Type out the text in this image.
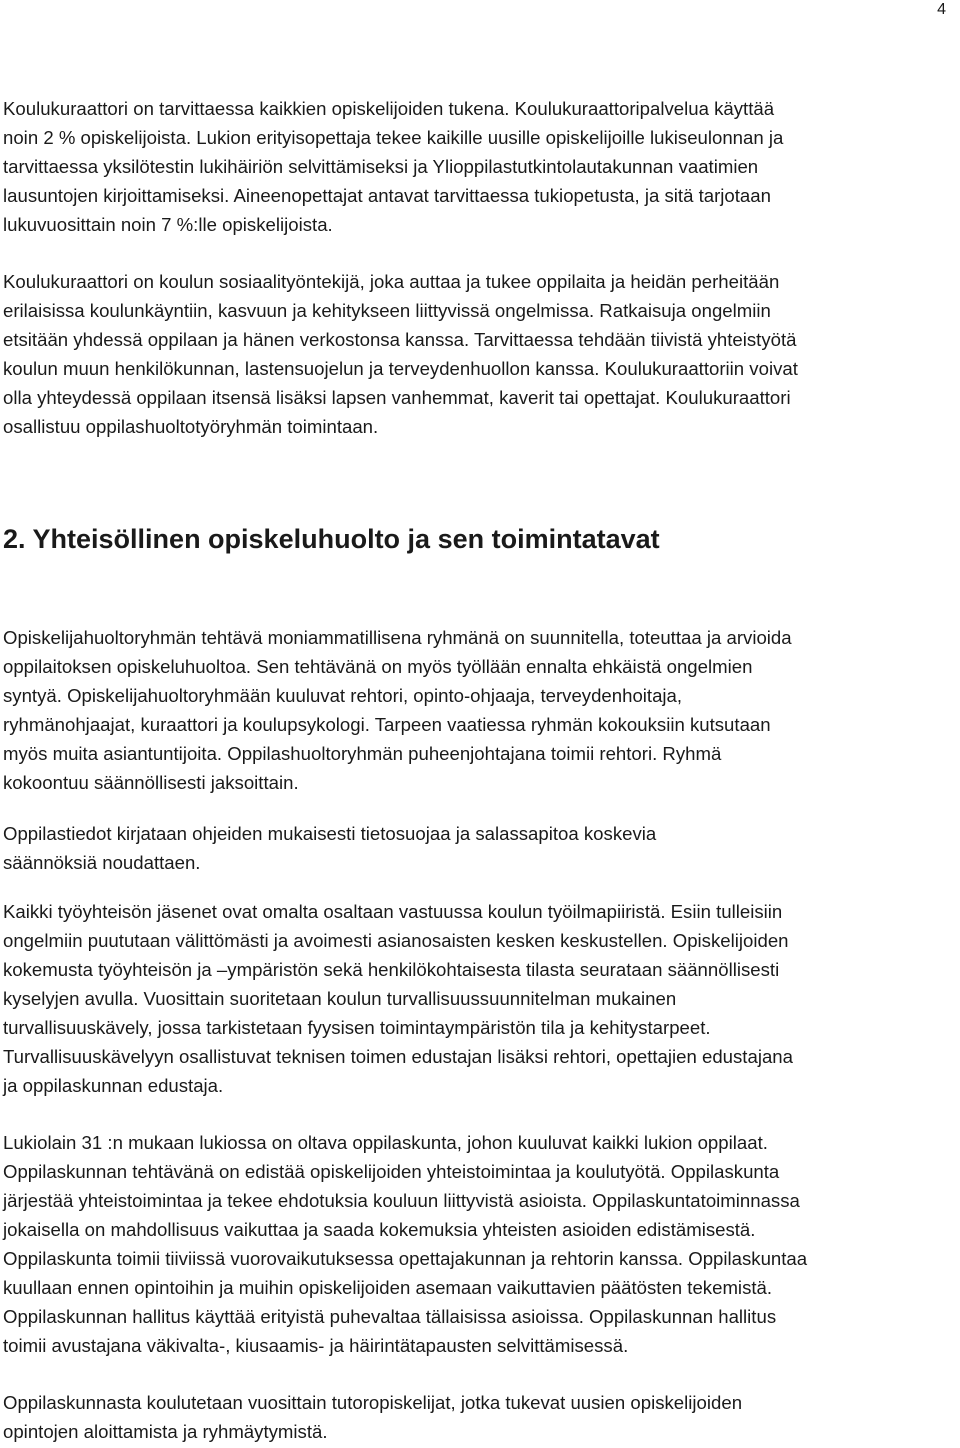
4
Koulukuraattori on tarvittaessa kaikkien opiskelijoiden tukena. Koulukuraattoripalvelua käyttää
noin 2 % opiskelijoista. Lukion erityisopettaja tekee kaikille uusille opiskelijoille lukiseulonnan ja
tarvittaessa yksilötestin lukihäiriön selvittämiseksi ja Ylioppilastutkintolautakunnan vaatimien
lausuntojen kirjoittamiseksi. Aineenopettajat antavat tarvittaessa tukiopetusta, ja sitä tarjotaan
lukuvuosittain noin 7 %:lle opiskelijoista.
Koulukuraattori on koulun sosiaalityöntekijä, joka auttaa ja tukee oppilaita ja heidän perheitään
erilaisissa koulunkäyntiin, kasvuun ja kehitykseen liittyvissä ongelmissa. Ratkaisuja ongelmiin
etsitään yhdessä oppilaan ja hänen verkostonsa kanssa. Tarvittaessa tehdään tiivistä yhteistyötä
koulun muun henkilökunnan, lastensuojelun ja terveydenhuollon kanssa. Koulukuraattoriin voivat
olla yhteydessä oppilaan itsensä lisäksi lapsen vanhemmat, kaverit tai opettajat. Koulukuraattori
osallistuu oppilashuoltotyöryhmän toimintaan.
2. Yhteisöllinen opiskeluhuolto ja sen toimintatavat
Opiskelijahuoltoryhmän tehtävä moniammatillisena ryhmänä on suunnitella, toteuttaa ja arvioida
oppilaitoksen opiskeluhuoltoa. Sen tehtävänä on myös työllään ennalta ehkäistä ongelmien
syntyä. Opiskelijahuoltoryhmään kuuluvat rehtori, opinto-ohjaaja, terveydenhoitaja,
ryhmänohjaajat, kuraattori ja koulupsykologi. Tarpeen vaatiessa ryhmän kokouksiin kutsutaan
myös muita asiantuntijoita. Oppilashuoltoryhmän puheenjohtajana toimii rehtori. Ryhmä
kokoontuu säännöllisesti jaksoittain.
Oppilastiedot kirjataan ohjeiden mukaisesti tietosuojaa ja salassapitoa koskevia
säännöksiä noudattaen.
Kaikki työyhteisön jäsenet ovat omalta osaltaan vastuussa koulun työilmapiiristä. Esiin tulleisiin
ongelmiin puututaan välittömästi ja avoimesti asianosaisten kesken keskustellen. Opiskelijoiden
kokemusta työyhteisön ja –ympäristön sekä henkilökohtaisesta tilasta seurataan säännöllisesti
kyselyjen avulla. Vuosittain suoritetaan koulun turvallisuussuunnitelman mukainen
turvallisuuskävely, jossa tarkistetaan fyysisen toimintaympäristön tila ja kehitystarpeet.
Turvallisuuskävelyyn osallistuvat teknisen toimen edustajan lisäksi rehtori, opettajien edustajana
ja oppilaskunnan edustaja.
Lukiolain 31 :n mukaan lukiossa on oltava oppilaskunta, johon kuuluvat kaikki lukion oppilaat.
Oppilaskunnan tehtävänä on edistää opiskelijoiden yhteistoimintaa ja koulutyötä. Oppilaskunta
järjestää yhteistoimintaa ja tekee ehdotuksia kouluun liittyvistä asioista. Oppilaskuntatoiminnassa
jokaisella on mahdollisuus vaikuttaa ja saada kokemuksia yhteisten asioiden edistämisestä.
Oppilaskunta toimii tiiviissä vuorovaikutuksessa opettajakunnan ja rehtorin kanssa. Oppilaskuntaa
kuullaan ennen opintoihin ja muihin opiskelijoiden asemaan vaikuttavien päätösten tekemistä.
Oppilaskunnan hallitus käyttää erityistä puhevaltaa tällaisissa asioissa. Oppilaskunnan hallitus
toimii avustajana väkivalta-, kiusaamis- ja häirintätapausten selvittämisessä.
Oppilaskunnasta koulutetaan vuosittain tutoropiskelijat, jotka tukevat uusien opiskelijoiden
opintojen aloittamista ja ryhmäytymistä.
